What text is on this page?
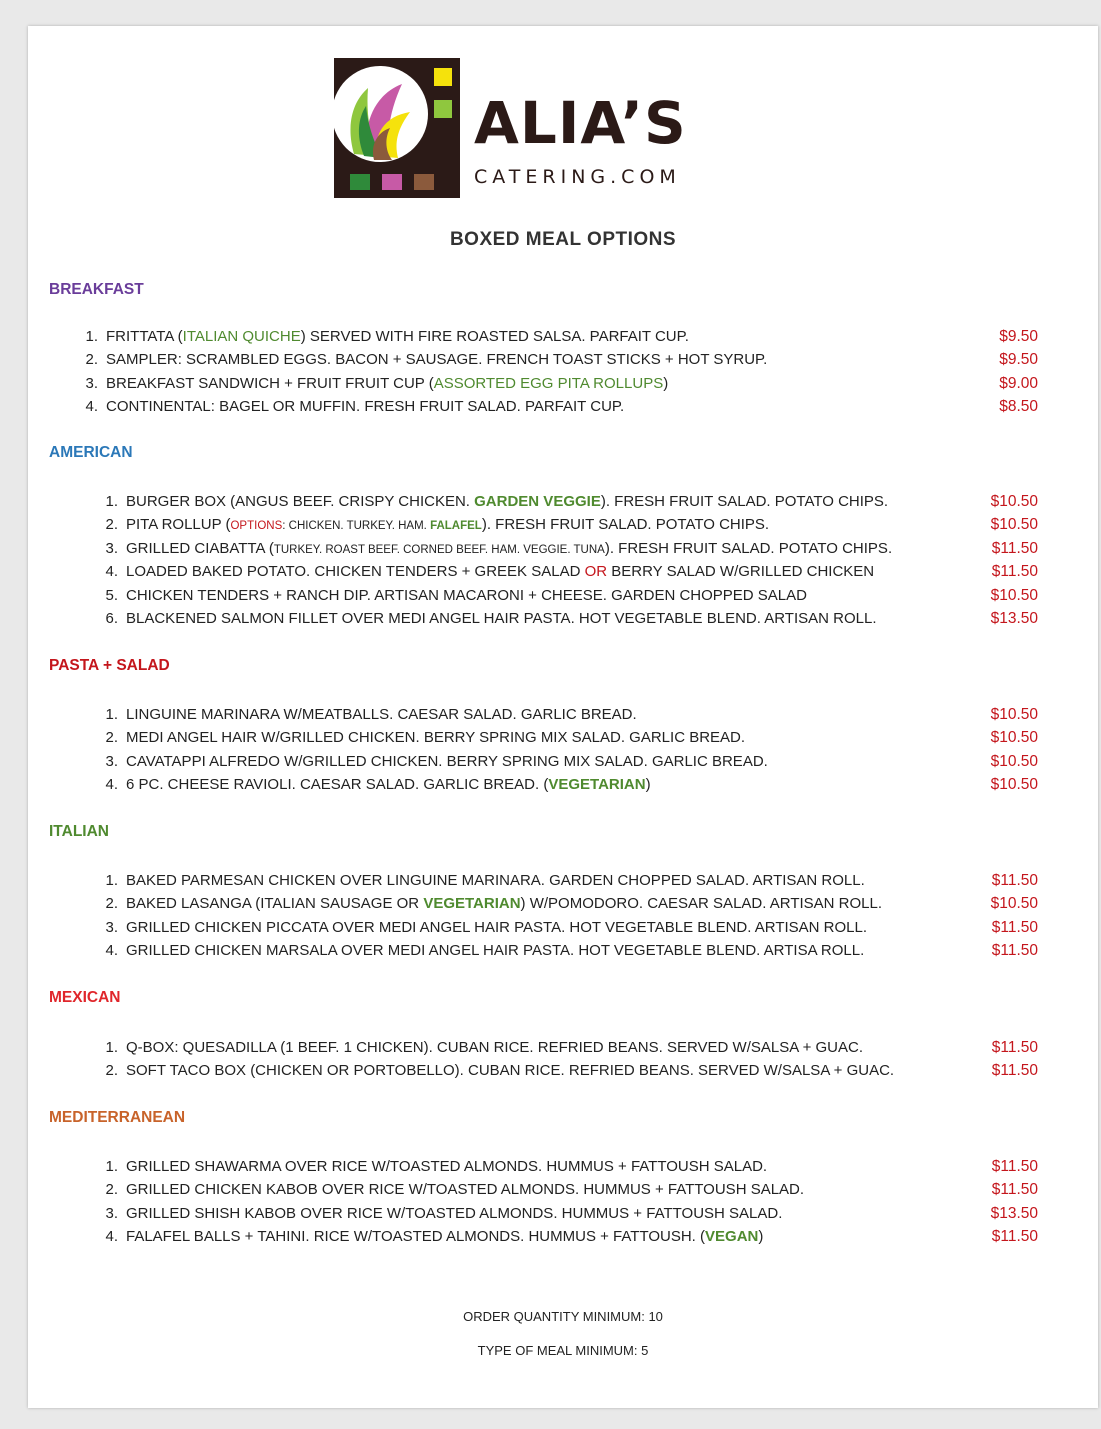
ALIA’S
CATERING.COM
BOXED MEAL OPTIONS
BREAKFAST
1. FRITTATA (ITALIAN QUICHE) SERVED WITH FIRE ROASTED SALSA. PARFAIT CUP.	$9.50
2. SAMPLER: SCRAMBLED EGGS. BACON + SAUSAGE. FRENCH TOAST STICKS + HOT SYRUP.	$9.50
3. BREAKFAST SANDWICH + FRUIT FRUIT CUP (ASSORTED EGG PITA ROLLUPS)	$9.00
4. CONTINENTAL: BAGEL OR MUFFIN. FRESH FRUIT SALAD. PARFAIT CUP.	$8.50
AMERICAN
1. BURGER BOX (ANGUS BEEF. CRISPY CHICKEN. GARDEN VEGGIE). FRESH FRUIT SALAD. POTATO CHIPS.	$10.50
2. PITA ROLLUP (OPTIONS: CHICKEN. TURKEY. HAM. FALAFEL). FRESH FRUIT SALAD. POTATO CHIPS.	$10.50
3. GRILLED CIABATTA (TURKEY. ROAST BEEF. CORNED BEEF. HAM. VEGGIE. TUNA). FRESH FRUIT SALAD. POTATO CHIPS.	$11.50
4. LOADED BAKED POTATO. CHICKEN TENDERS + GREEK SALAD OR BERRY SALAD W/GRILLED CHICKEN	$11.50
5. CHICKEN TENDERS + RANCH DIP. ARTISAN MACARONI + CHEESE. GARDEN CHOPPED SALAD	$10.50
6. BLACKENED SALMON FILLET OVER MEDI ANGEL HAIR PASTA. HOT VEGETABLE BLEND. ARTISAN ROLL.	$13.50
PASTA + SALAD
1. LINGUINE MARINARA W/MEATBALLS. CAESAR SALAD. GARLIC BREAD.	$10.50
2. MEDI ANGEL HAIR W/GRILLED CHICKEN. BERRY SPRING MIX SALAD. GARLIC BREAD.	$10.50
3. CAVATAPPI ALFREDO W/GRILLED CHICKEN. BERRY SPRING MIX SALAD. GARLIC BREAD.	$10.50
4. 6 PC. CHEESE RAVIOLI. CAESAR SALAD. GARLIC BREAD. (VEGETARIAN)	$10.50
ITALIAN
1. BAKED PARMESAN CHICKEN OVER LINGUINE MARINARA. GARDEN CHOPPED SALAD. ARTISAN ROLL.	$11.50
2. BAKED LASANGA (ITALIAN SAUSAGE OR VEGETARIAN) W/POMODORO. CAESAR SALAD. ARTISAN ROLL.	$10.50
3. GRILLED CHICKEN PICCATA OVER MEDI ANGEL HAIR PASTA. HOT VEGETABLE BLEND. ARTISAN ROLL.	$11.50
4. GRILLED CHICKEN MARSALA OVER MEDI ANGEL HAIR PASTA. HOT VEGETABLE BLEND. ARTISA ROLL.	$11.50
MEXICAN
1. Q-BOX: QUESADILLA (1 BEEF. 1 CHICKEN). CUBAN RICE. REFRIED BEANS. SERVED W/SALSA + GUAC.	$11.50
2. SOFT TACO BOX (CHICKEN OR PORTOBELLO). CUBAN RICE. REFRIED BEANS. SERVED W/SALSA + GUAC.	$11.50
MEDITERRANEAN
1. GRILLED SHAWARMA OVER RICE W/TOASTED ALMONDS. HUMMUS + FATTOUSH SALAD.	$11.50
2. GRILLED CHICKEN KABOB OVER RICE W/TOASTED ALMONDS. HUMMUS + FATTOUSH SALAD.	$11.50
3. GRILLED SHISH KABOB OVER RICE W/TOASTED ALMONDS. HUMMUS + FATTOUSH SALAD.	$13.50
4. FALAFEL BALLS + TAHINI. RICE W/TOASTED ALMONDS. HUMMUS + FATTOUSH. (VEGAN)	$11.50
ORDER QUANTITY MINIMUM: 10
TYPE OF MEAL MINIMUM: 5
